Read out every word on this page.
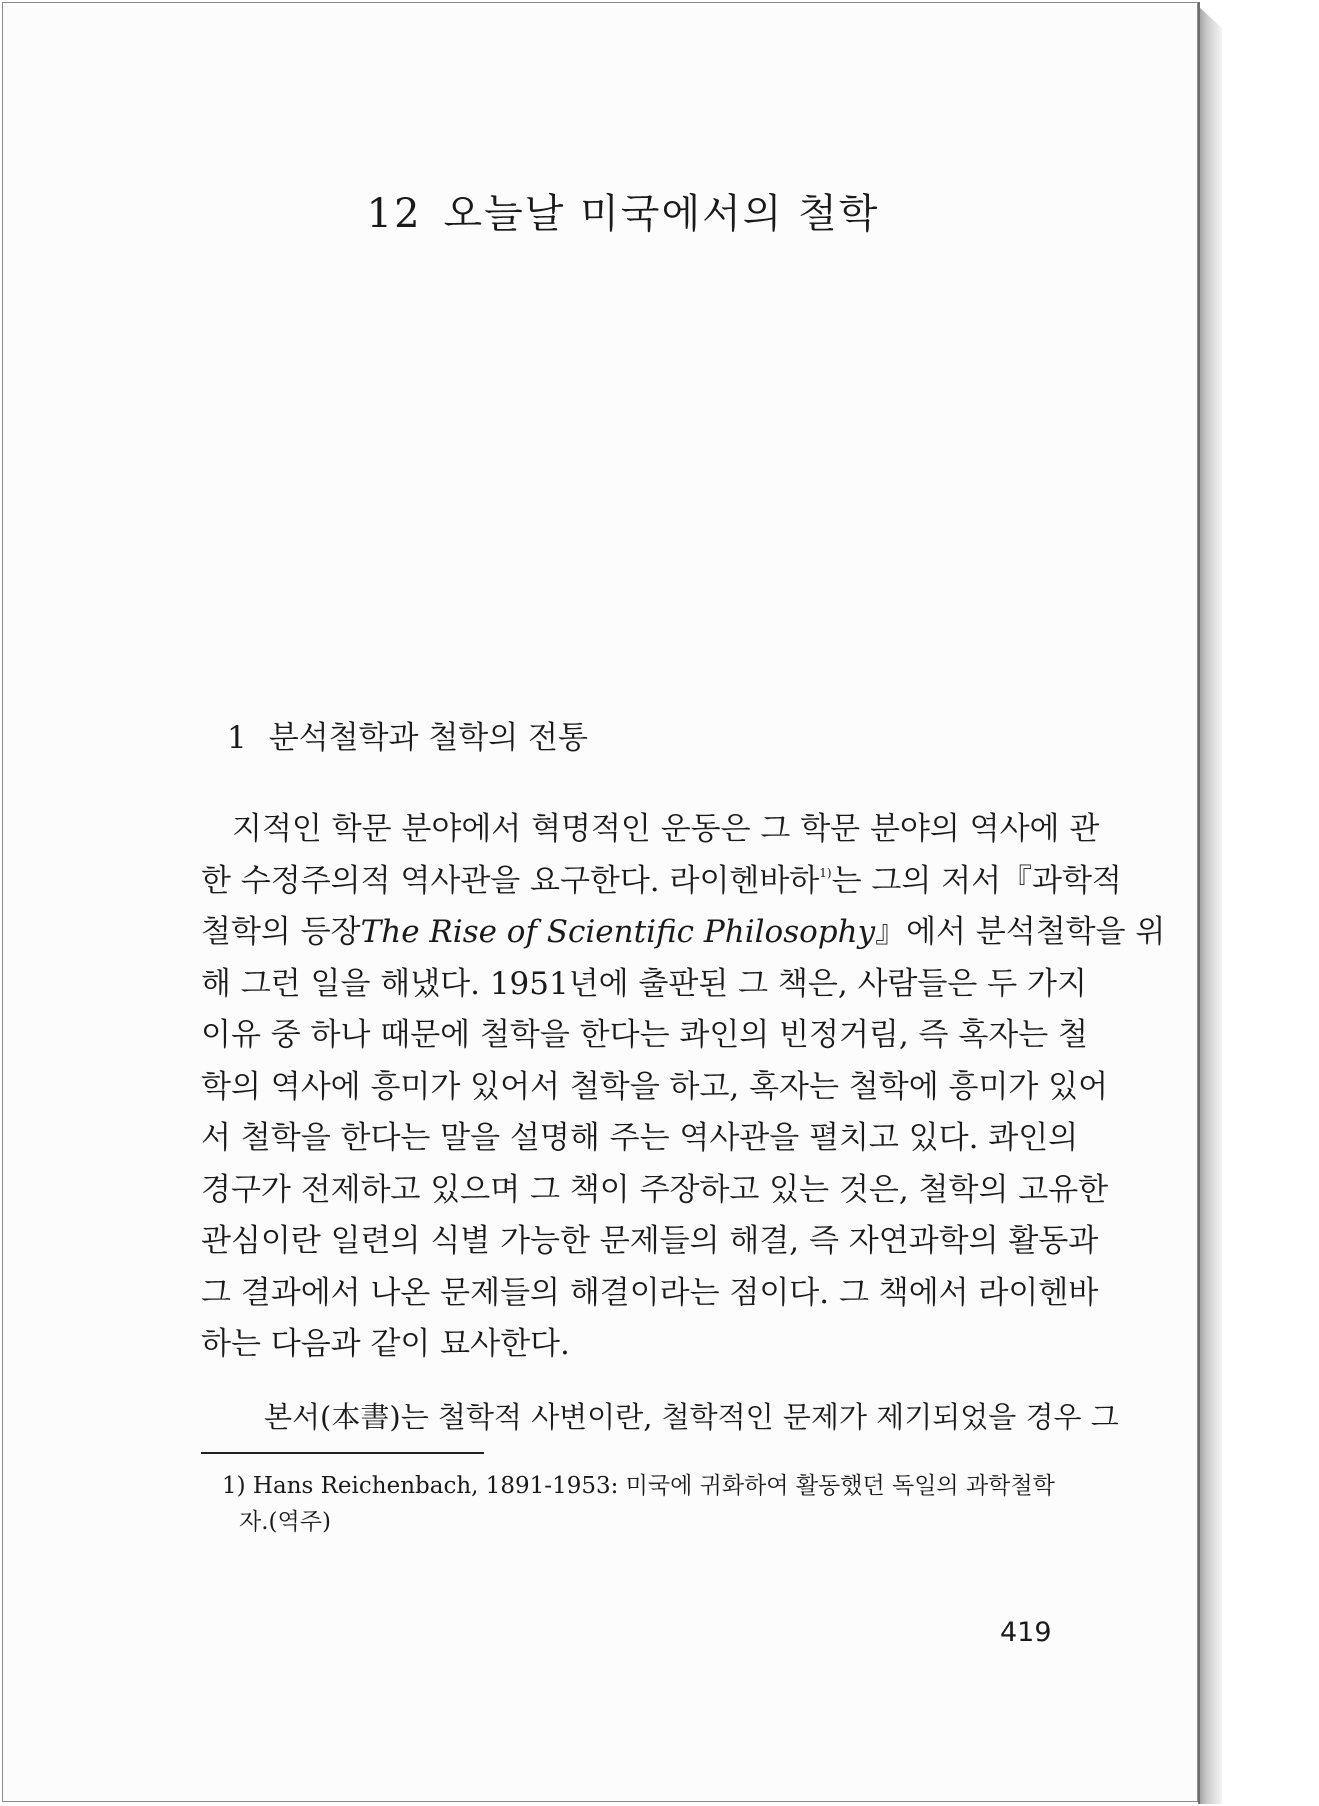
12 오늘날 미국에서의 철학
1 분석철학과 철학의 전통
지적인 학문 분야에서 혁명적인 운동은 그 학문 분야의 역사에 관
한 수정주의적 역사관을 요구한다. 라이헨바하$^{1)}$는 그의 저서『과학적
철학의 등장The Rise of Scientific Philosophy』에서 분석철학을 위
해 그런 일을 해냈다. 1951년에 출판된 그 책은, 사람들은 두 가지
이유 중 하나 때문에 철학을 한다는 콰인의 빈정거림, 즉 혹자는 철
학의 역사에 흥미가 있어서 철학을 하고, 혹자는 철학에 흥미가 있어
서 철학을 한다는 말을 설명해 주는 역사관을 펼치고 있다. 콰인의
경구가 전제하고 있으며 그 책이 주장하고 있는 것은, 철학의 고유한
관심이란 일련의 식별 가능한 문제들의 해결, 즉 자연과학의 활동과
그 결과에서 나온 문제들의 해결이라는 점이다. 그 책에서 라이헨바
하는 다음과 같이 묘사한다.
본서(本書)는 철학적 사변이란, 철학적인 문제가 제기되었을 경우 그
1) Hans Reichenbach, 1891-1953: 미국에 귀화하여 활동했던 독일의 과학철학
자.(역주)
419
